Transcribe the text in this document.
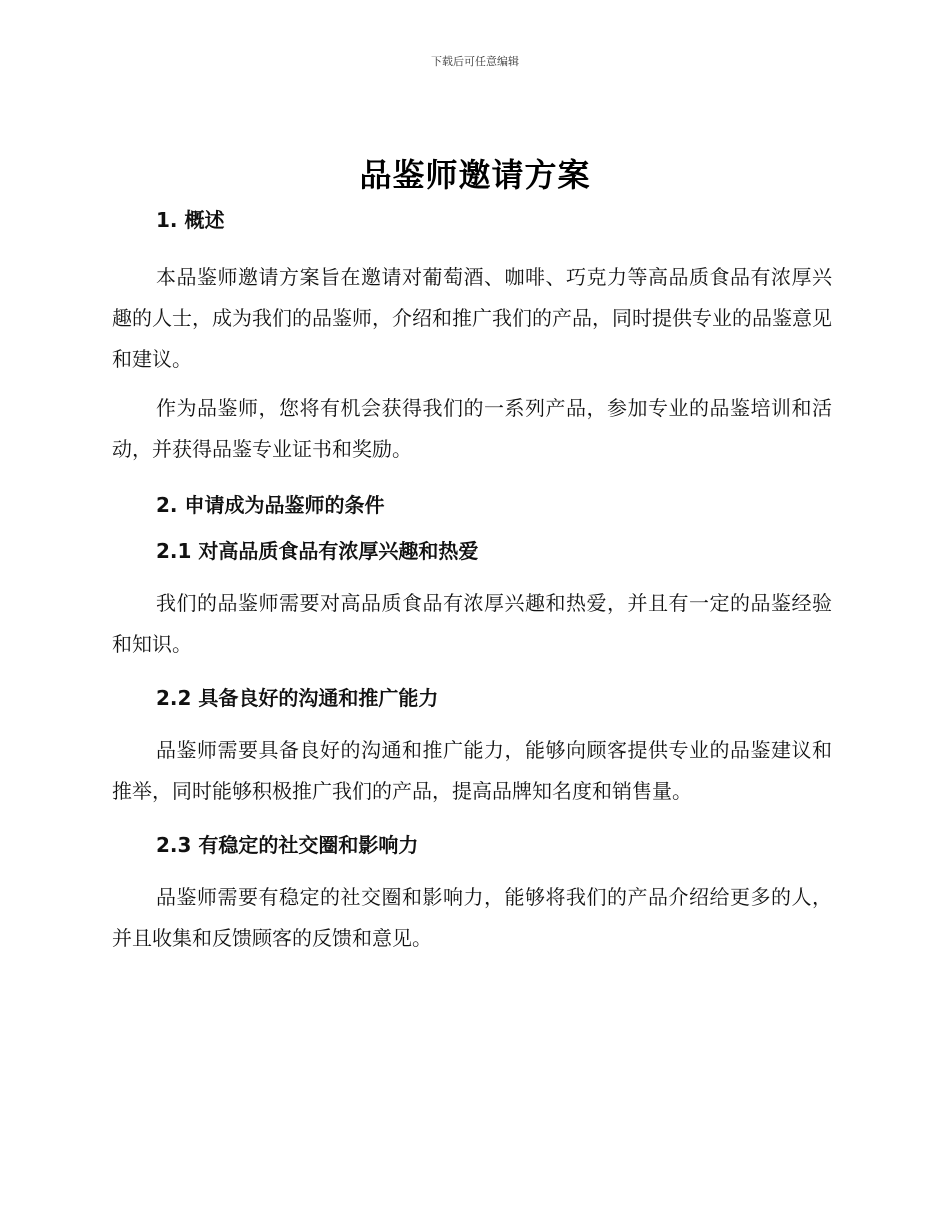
下载后可任意编辑
品鉴师邀请方案
1. 概述

本品鉴师邀请方案旨在邀请对葡萄酒、咖啡、巧克力等高品质食品有浓厚兴趣的人士，成为我们的品鉴师，介绍和推广我们的产品，同时提供专业的品鉴意见和建议。

作为品鉴师，您将有机会获得我们的一系列产品，参加专业的品鉴培训和活动，并获得品鉴专业证书和奖励。

2. 申请成为品鉴师的条件
2.1 对高品质食品有浓厚兴趣和热爱

我们的品鉴师需要对高品质食品有浓厚兴趣和热爱，并且有一定的品鉴经验和知识。

2.2 具备良好的沟通和推广能力

品鉴师需要具备良好的沟通和推广能力，能够向顾客提供专业的品鉴建议和推举，同时能够积极推广我们的产品，提高品牌知名度和销售量。

2.3 有稳定的社交圈和影响力

品鉴师需要有稳定的社交圈和影响力，能够将我们的产品介绍给更多的人，并且收集和反馈顾客的反馈和意见。
